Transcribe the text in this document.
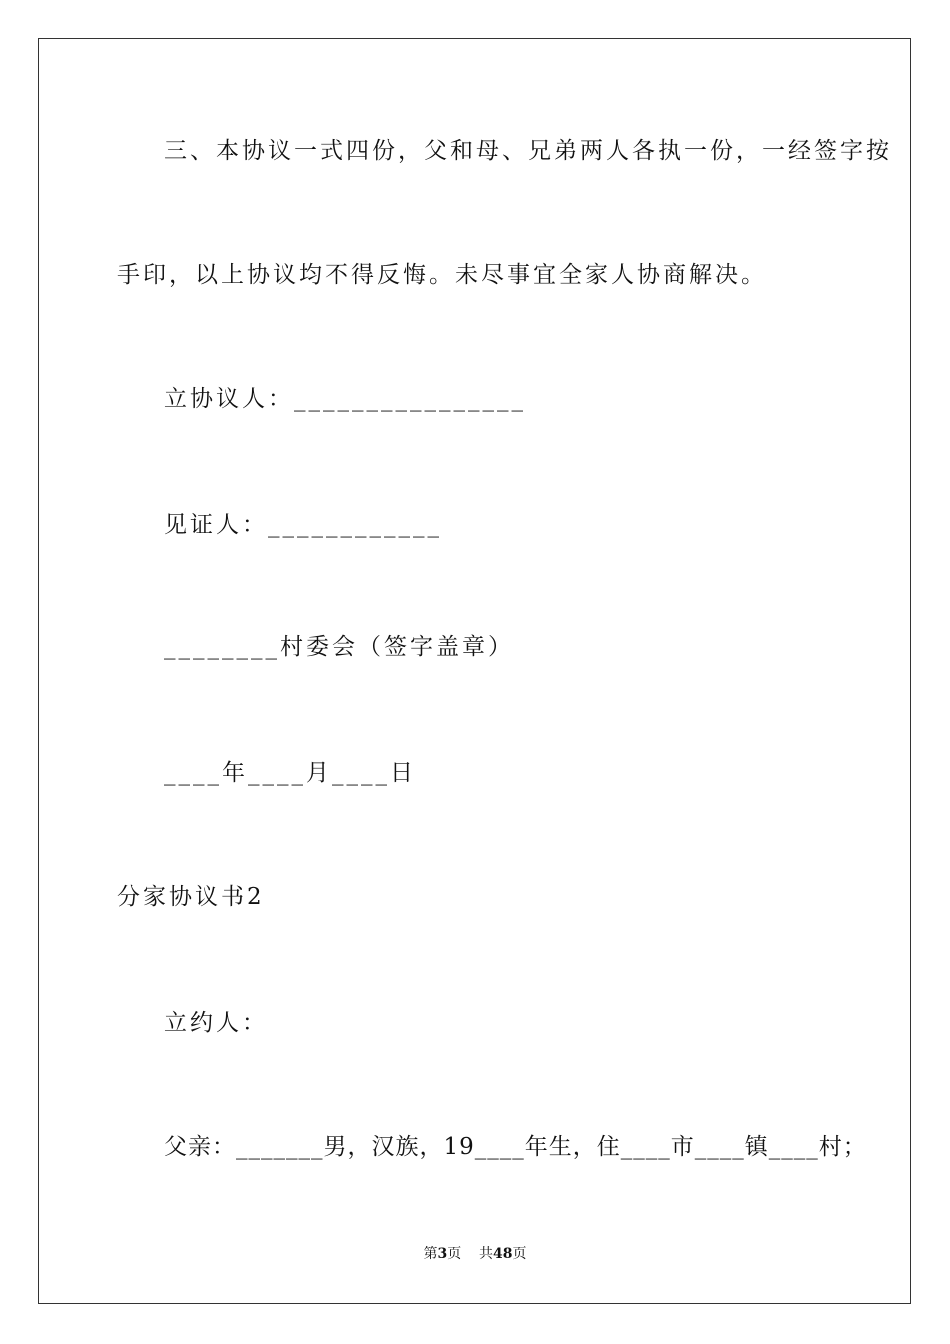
三、本协议一式四份，父和母、兄弟两人各执一份，一经签字按
手印，以上协议均不得反悔。未尽事宜全家人协商解决。
立协议人：________________
见证人：____________
________村委会（签字盖章）
____年____月____日
分家协议书2
立约人：
父亲：_______男，汉族，19____年生，住____市____镇____村；
第3页 共48页
